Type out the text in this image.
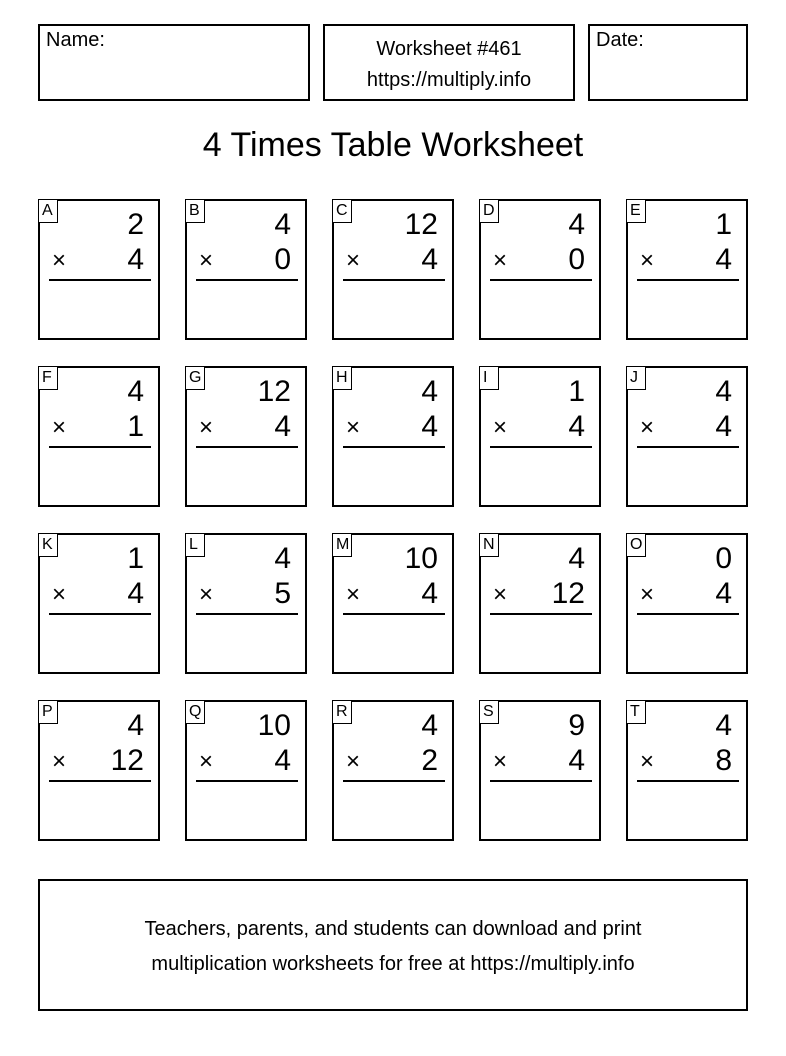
Name:	Worksheet #461
https://multiply.info
Date:
4 Times Table Worksheet
A 2
× 4
B 4
× 0
C 12
× 4
D 4
× 0
E 1
× 4
F	4
× 1
G 12
× 4
H 4
× 4
I	1
× 4
J	4
× 4
K 1
× 4
L	4
× 5
M 10
× 4
N 4
× 12
O 0
× 4
P 4
× 12
Q 10
× 4
R 4
× 2
S 9
× 4
T	4
× 8
Teachers, parents, and students can download and print
multiplication worksheets for free at https://multiply.info
